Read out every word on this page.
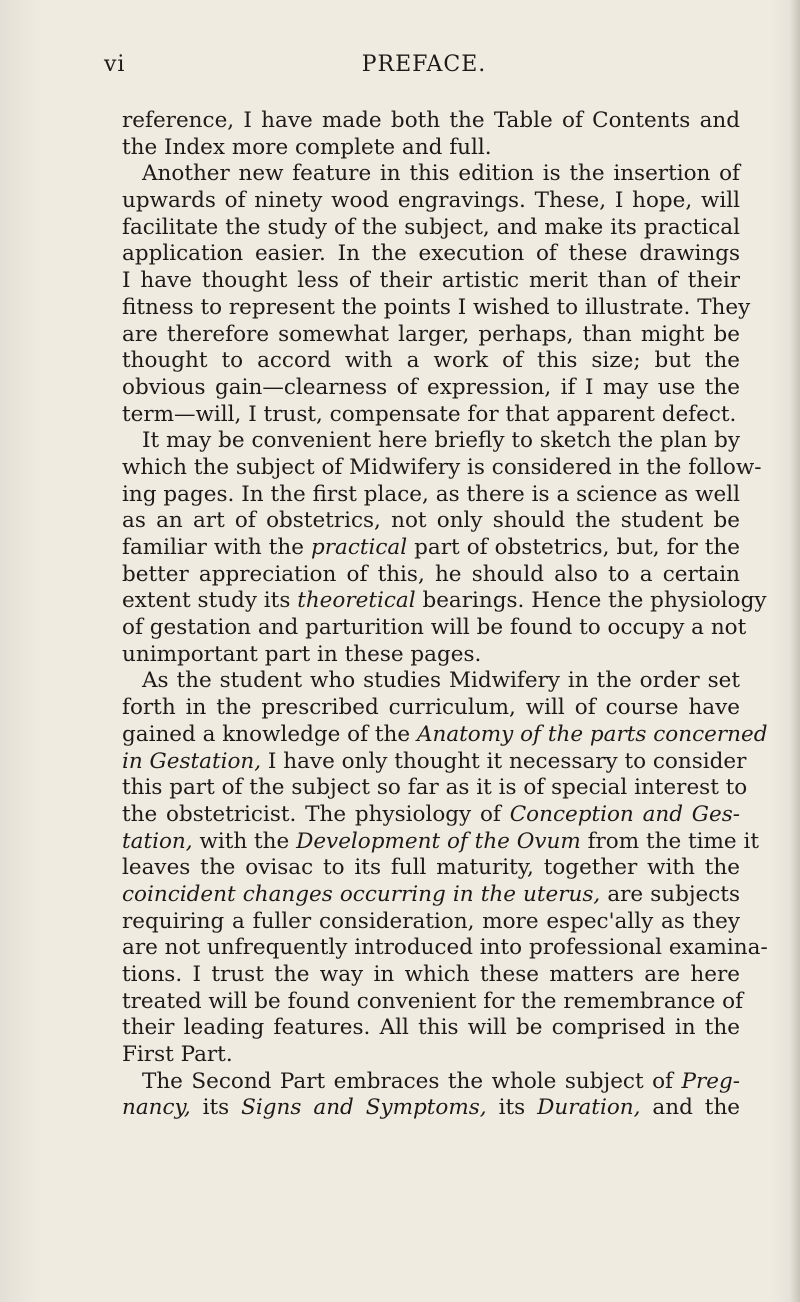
vi	PREFACE.
reference, I have made both the Table of Contents and
the Index more complete and full.
Another new feature in this edition is the insertion of
upwards of ninety wood engravings. These, I hope, will
facilitate the study of the subject, and make its practical
application easier. In the execution of these drawings
I have thought less of their artistic merit than of their
fitness to represent the points I wished to illustrate. They
are therefore somewhat larger, perhaps, than might be
thought to accord with a work of this size; but the
obvious gain—clearness of expression, if I may use the
term—will, I trust, compensate for that apparent defect.
It may be convenient here briefly to sketch the plan by
which the subject of Midwifery is considered in the follow-
ing pages. In the first place, as there is a science as well
as an art of obstetrics, not only should the student be
familiar with the practical part of obstetrics, but, for the
better appreciation of this, he should also to a certain
extent study its theoretical bearings. Hence the physiology
of gestation and parturition will be found to occupy a not
unimportant part in these pages.
As the student who studies Midwifery in the order set
forth in the prescribed curriculum, will of course have
gained a knowledge of the Anatomy of the parts concerned
in Gestation, I have only thought it necessary to consider
this part of the subject so far as it is of special interest to
the obstetricist. The physiology of Conception and Ges-
tation, with the Development of the Ovum from the time it
leaves the ovisac to its full maturity, together with the
coincident changes occurring in the uterus, are subjects
requiring a fuller consideration, more espec'ally as they
are not unfrequently introduced into professional examina-
tions. I trust the way in which these matters are here
treated will be found convenient for the remembrance of
their leading features. All this will be comprised in the
First Part.
The Second Part embraces the whole subject of Preg-
nancy, its Signs and Symptoms, its Duration, and the
